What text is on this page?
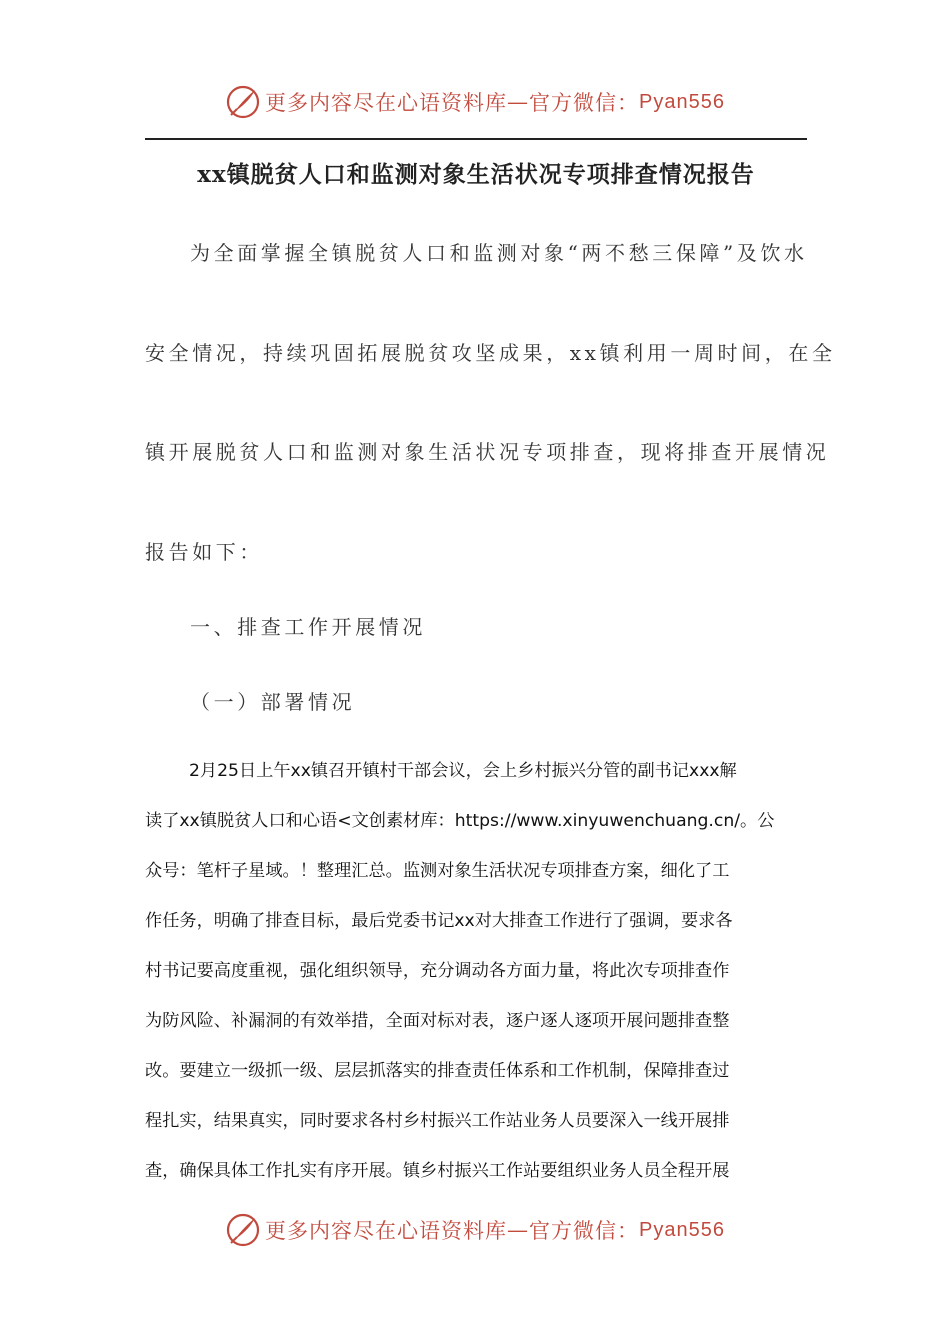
更多内容尽在心语资料库 — 官方微信： Pyan556
xx镇脱贫人口和监测对象生活状况专项排查情况报告
为全面掌握全镇脱贫人口和监测对象“两不愁三保障”及饮水
安全情况，持续巩固拓展脱贫攻坚成果，xx镇利用一周时间，在全
镇开展脱贫人口和监测对象生活状况专项排查，现将排查开展情况
报告如下：
一、排查工作开展情况
（一）部署情况
2月25日上午xx镇召开镇村干部会议，会上乡村振兴分管的副书记xxx解
读了xx镇脱贫人口和心语<文创素材库：https://www.xinyuwenchuang.cn/。公
众号：笔杆子星域。！整理汇总。监测对象生活状况专项排查方案，细化了工
作任务，明确了排查目标，最后党委书记xx对大排查工作进行了强调，要求各
村书记要高度重视，强化组织领导，充分调动各方面力量，将此次专项排查作
为防风险、补漏洞的有效举措，全面对标对表，逐户逐人逐项开展问题排查整
改。要建立一级抓一级、层层抓落实的排查责任体系和工作机制，保障排查过
程扎实，结果真实，同时要求各村乡村振兴工作站业务人员要深入一线开展排
查，确保具体工作扎实有序开展。镇乡村振兴工作站要组织业务人员全程开展
更多内容尽在心语资料库 — 官方微信： Pyan556
